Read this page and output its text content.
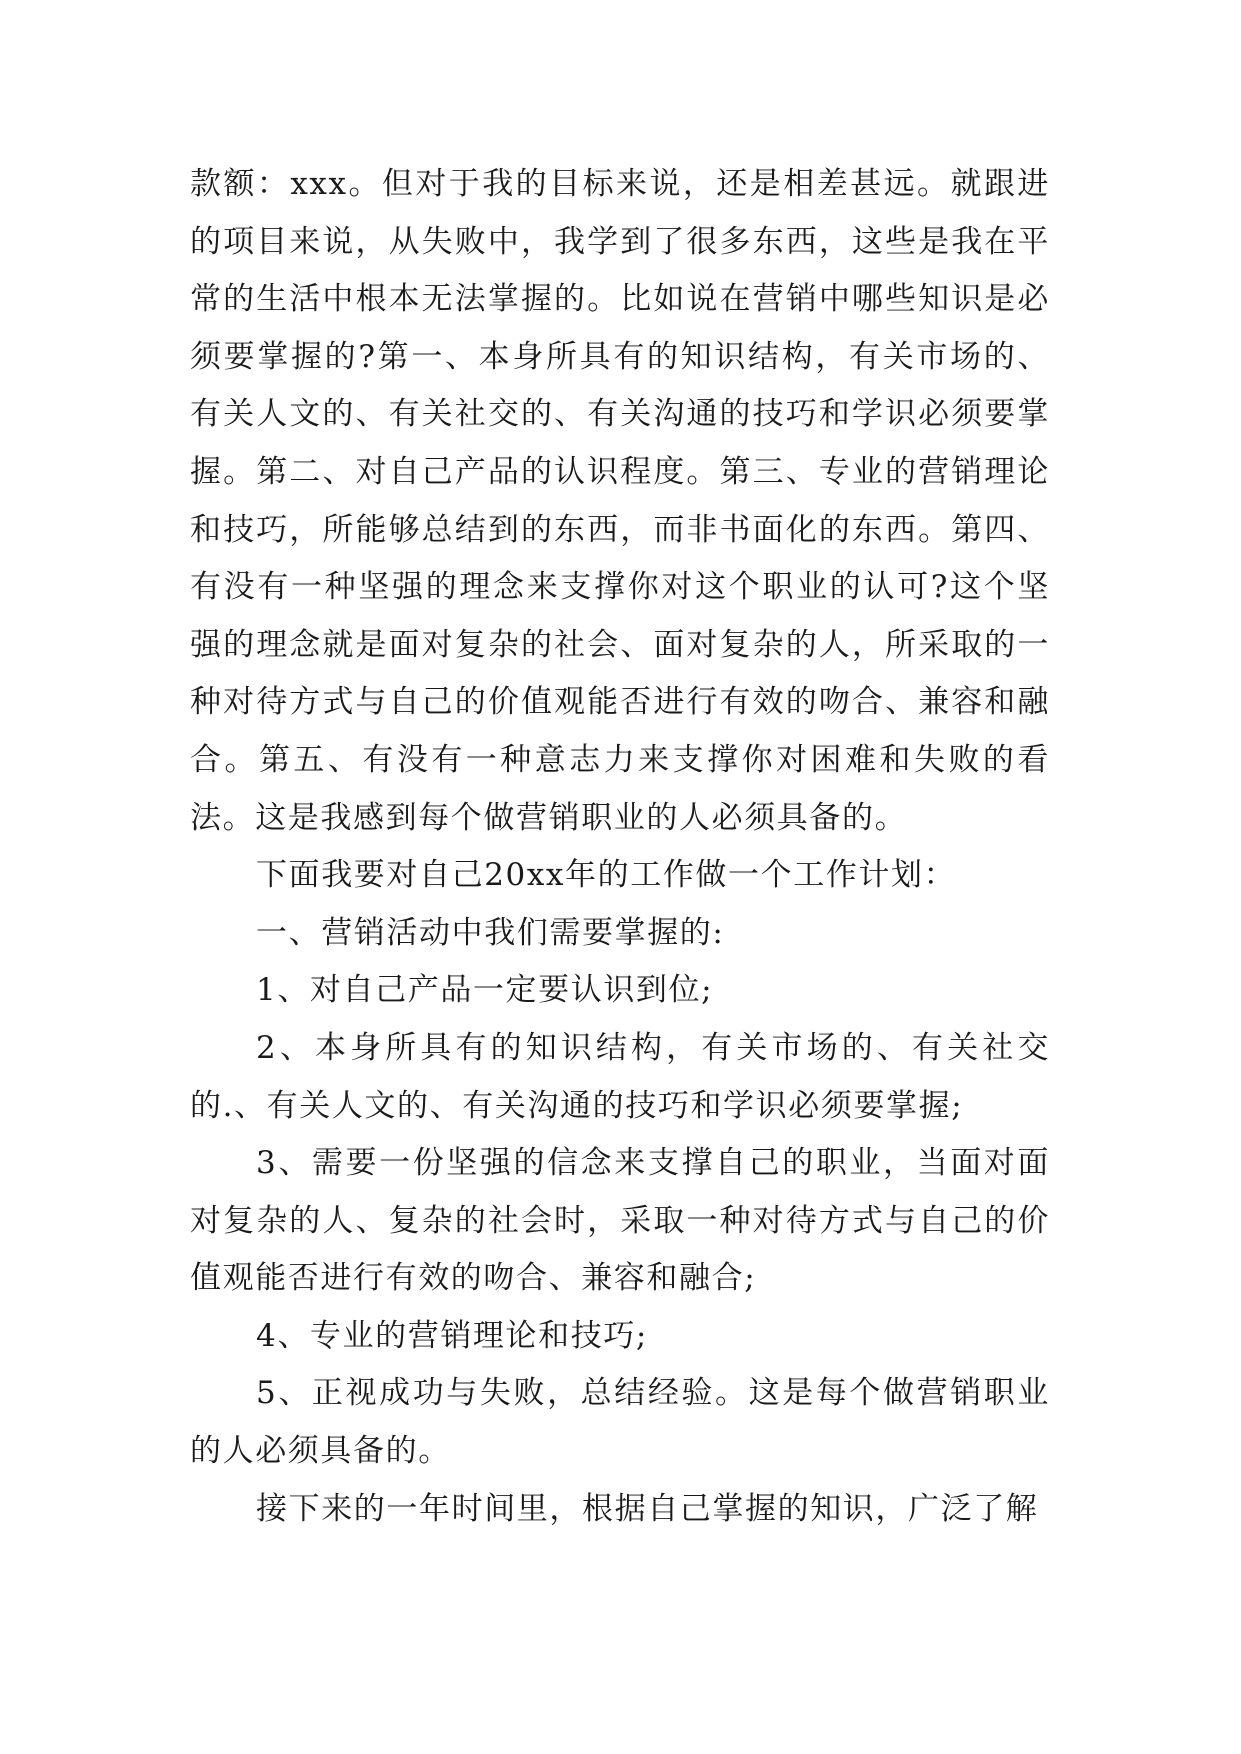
款额：xxx。但对于我的目标来说，还是相差甚远。就跟进的项目来说，从失败中，我学到了很多东西，这些是我在平常的生活中根本无法掌握的。比如说在营销中哪些知识是必须要掌握的?第一、本身所具有的知识结构，有关市场的、有关人文的、有关社交的、有关沟通的技巧和学识必须要掌握。第二、对自己产品的认识程度。第三、专业的营销理论和技巧，所能够总结到的东西，而非书面化的东西。第四、有没有一种坚强的理念来支撑你对这个职业的认可?这个坚强的理念就是面对复杂的社会、面对复杂的人，所采取的一种对待方式与自己的价值观能否进行有效的吻合、兼容和融合。第五、有没有一种意志力来支撑你对困难和失败的看法。这是我感到每个做营销职业的人必须具备的。

下面我要对自己20xx年的工作做一个工作计划：

一、营销活动中我们需要掌握的:

1、对自己产品一定要认识到位;

2、本身所具有的知识结构，有关市场的、有关社交的.、有关人文的、有关沟通的技巧和学识必须要掌握;

3、需要一份坚强的信念来支撑自己的职业，当面对面对复杂的人、复杂的社会时，采取一种对待方式与自己的价值观能否进行有效的吻合、兼容和融合;

4、专业的营销理论和技巧;

5、正视成功与失败，总结经验。这是每个做营销职业的人必须具备的。

接下来的一年时间里，根据自己掌握的知识，广泛了解
